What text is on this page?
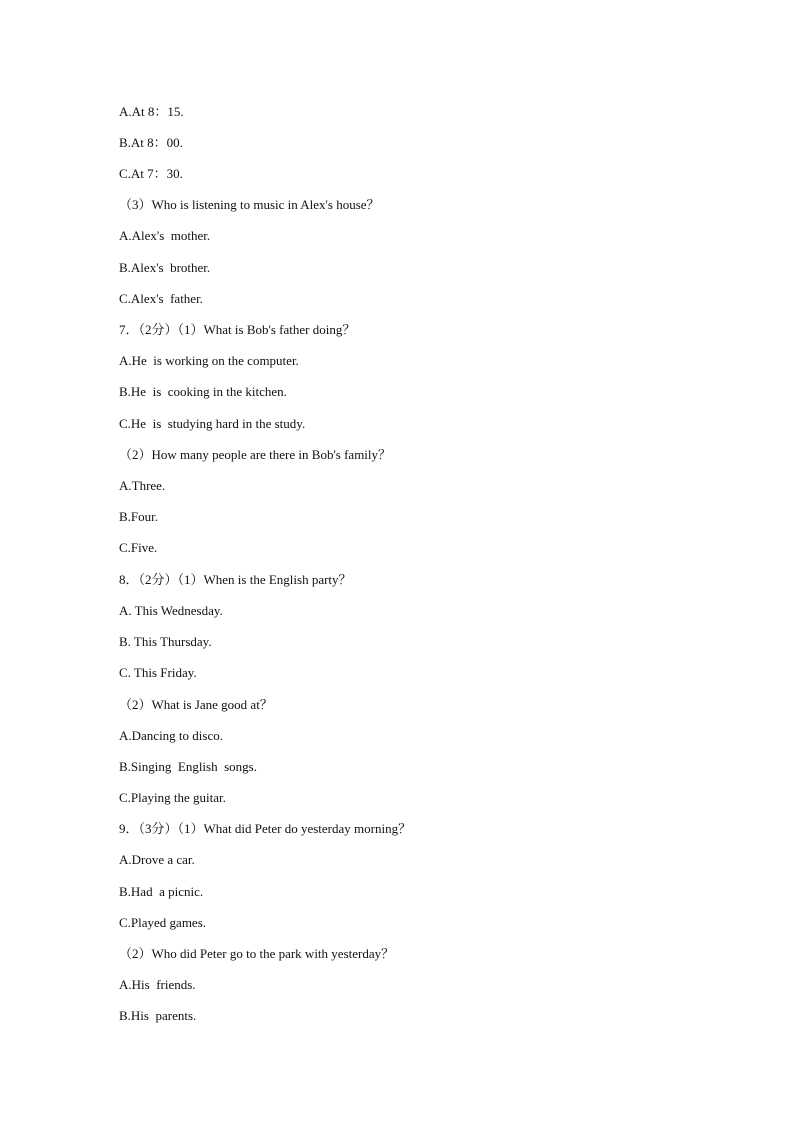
A.At 8：15.
B.At 8：00.
C.At 7：30.
（3）Who is listening to music in Alex's house？
A.Alex's  mother.
B.Alex's  brother.
C.Alex's  father.
7．（2分）（1）What is Bob's father doing？
A.He  is working on the computer.
B.He  is  cooking in the kitchen.
C.He  is  studying hard in the study.
（2）How many people are there in Bob's family？
A.Three.
B.Four.
C.Five.
8．（2分）（1）When is the English party？
A. This Wednesday.
B. This Thursday.
C. This Friday.
（2）What is Jane good at？
A.Dancing to disco.
B.Singing  English  songs.
C.Playing the guitar.
9．（3分）（1）What did Peter do yesterday morning？
A.Drove a car.
B.Had  a picnic.
C.Played games.
（2）Who did Peter go to the park with yesterday？
A.His  friends.
B.His  parents.
